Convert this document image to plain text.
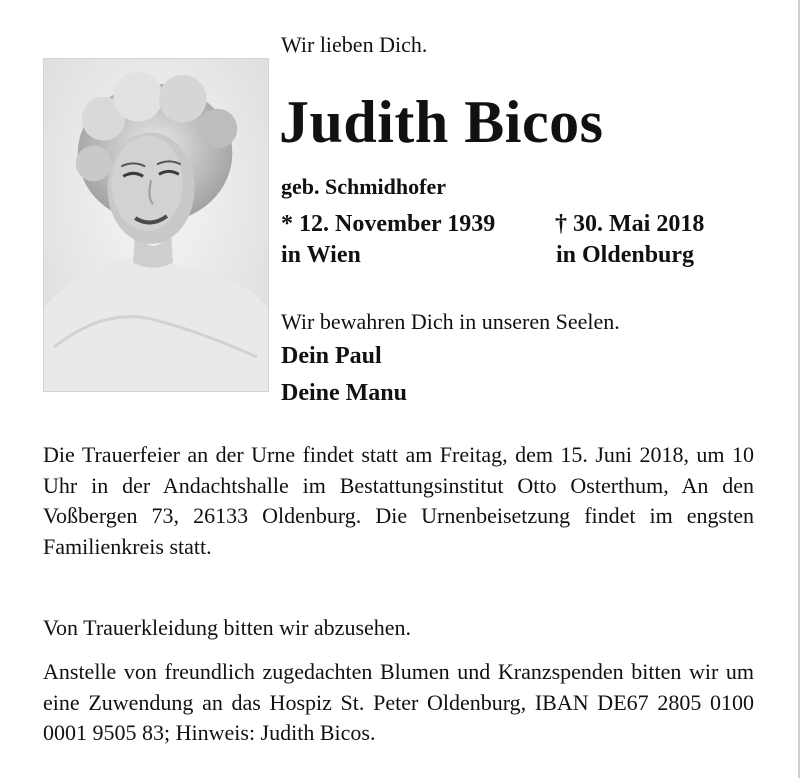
Wir lieben Dich.
Judith Bicos
geb. Schmidhofer
* 12. November 1939
in Wien
† 30. Mai 2018
in Oldenburg
Wir bewahren Dich in unseren Seelen.
Dein Paul
Deine Manu
Die Trauerfeier an der Urne findet statt am Freitag, dem 15. Juni 2018, um 10 Uhr in der Andachtshalle im Bestattungsinstitut Otto Osterthum, An den Voßbergen 73, 26133 Oldenburg. Die Urnenbeisetzung findet im engsten Familienkreis statt.
Von Trauerkleidung bitten wir abzusehen.
Anstelle von freundlich zugedachten Blumen und Kranzspenden bitten wir um eine Zuwendung an das Hospiz St. Peter Oldenburg, IBAN DE67 2805 0100 0001 9505 83; Hinweis: Judith Bicos.
